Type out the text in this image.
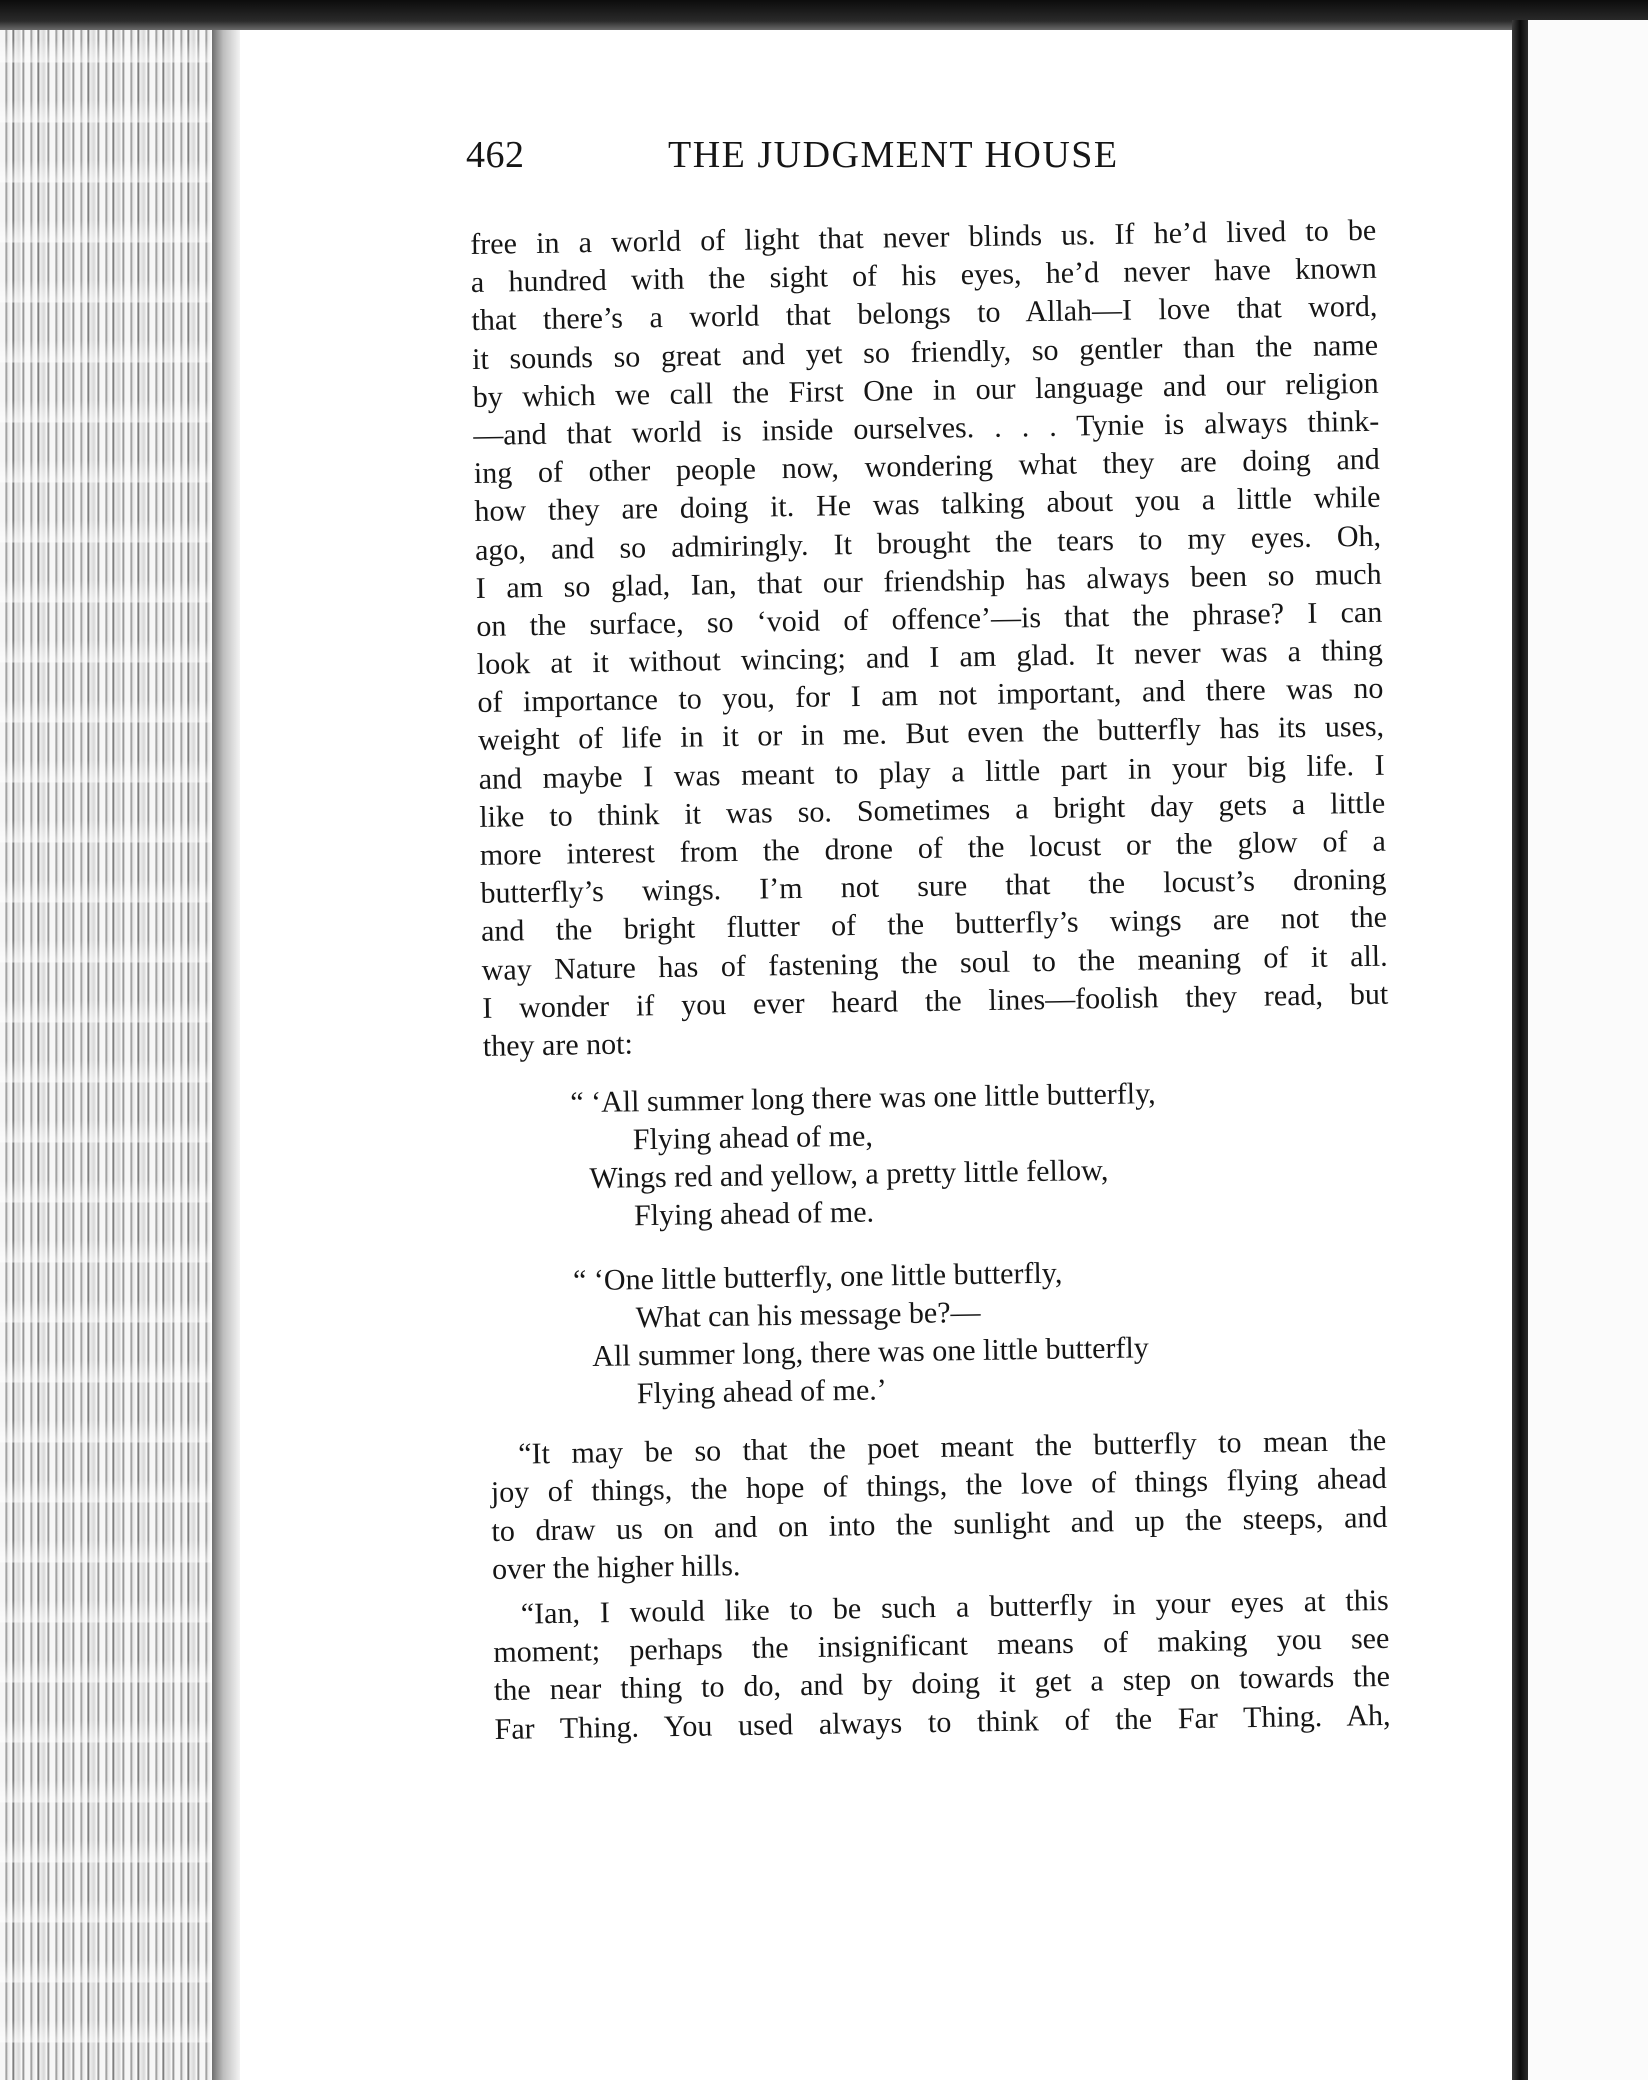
462	THE JUDGMENT HOUSE
free in a world of light that never blinds us. If he’d lived to be
a hundred with the sight of his eyes, he’d never have known
that there’s a world that belongs to Allah—I love that word,
it sounds so great and yet so friendly, so gentler than the name
by which we call the First One in our language and our religion
—and that world is inside ourselves. . . . Tynie is always think-
ing of other people now, wondering what they are doing and
how they are doing it. He was talking about you a little while
ago, and so admiringly. It brought the tears to my eyes. Oh,
I am so glad, Ian, that our friendship has always been so much
on the surface, so ‘void of offence’—is that the phrase? I can
look at it without wincing; and I am glad. It never was a thing
of importance to you, for I am not important, and there was no
weight of life in it or in me. But even the butterfly has its uses,
and maybe I was meant to play a little part in your big life. I
like to think it was so. Sometimes a bright day gets a little
more interest from the drone of the locust or the glow of a
butterfly’s wings. I’m not sure that the locust’s droning
and the bright flutter of the butterfly’s wings are not the
way Nature has of fastening the soul to the meaning of it all.
I wonder if you ever heard the lines—foolish they read, but
they are not:
“ ‘All summer long there was one little butterfly,
Flying ahead of me,
Wings red and yellow, a pretty little fellow,
Flying ahead of me.
“ ‘One little butterfly, one little butterfly,
What can his message be?—
All summer long, there was one little butterfly
Flying ahead of me.’
“It may be so that the poet meant the butterfly to mean the
joy of things, the hope of things, the love of things flying ahead
to draw us on and on into the sunlight and up the steeps, and
over the higher hills.
“Ian, I would like to be such a butterfly in your eyes at this
moment; perhaps the insignificant means of making you see
the near thing to do, and by doing it get a step on towards the
Far Thing. You used always to think of the Far Thing. Ah,
